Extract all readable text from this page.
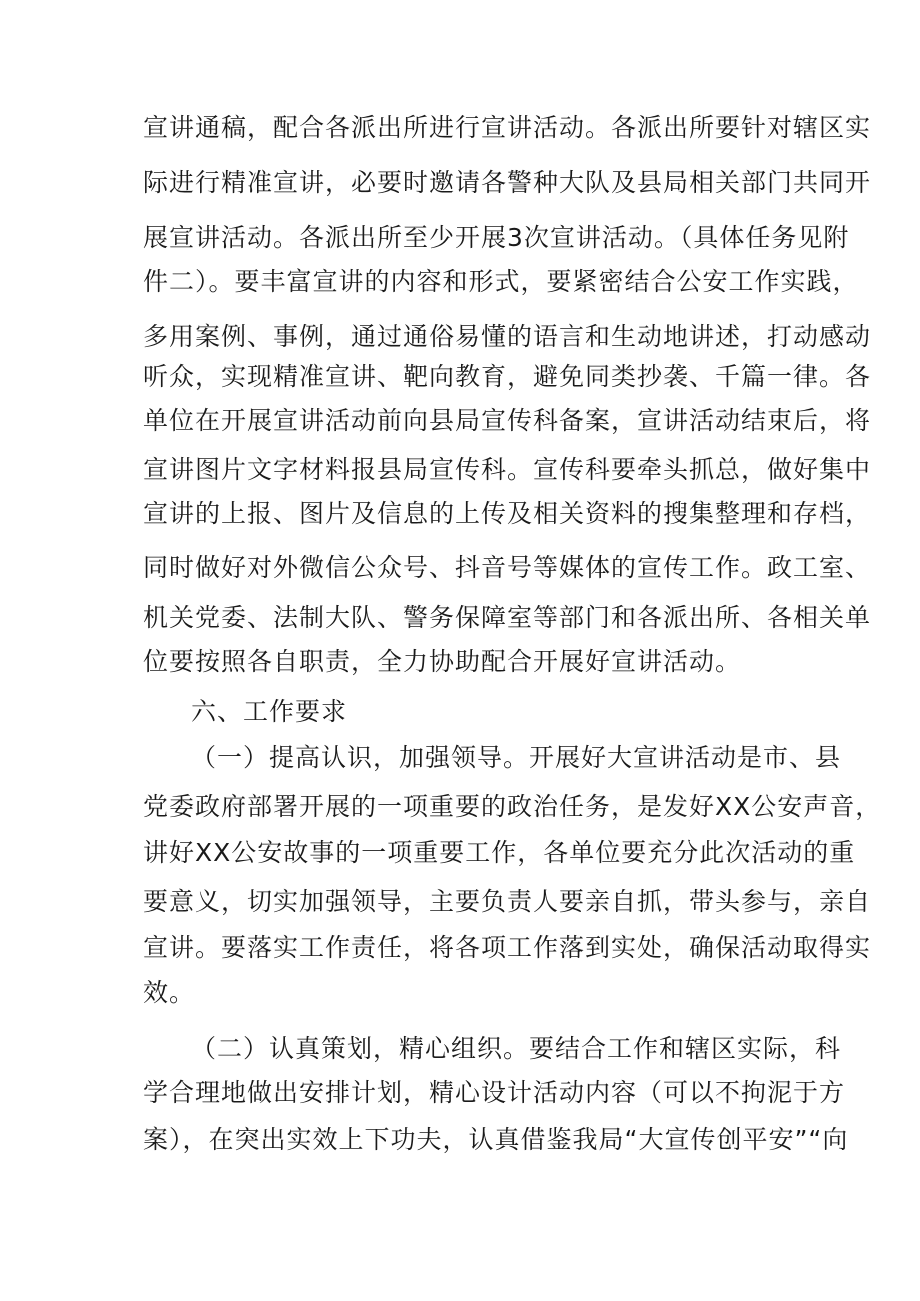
宣讲通稿，配合各派出所进行宣讲活动。各派出所要针对辖区实
际进行精准宣讲，必要时邀请各警种大队及县局相关部门共同开
展宣讲活动。各派出所至少开展3次宣讲活动。（具体任务见附
件二）。要丰富宣讲的内容和形式，要紧密结合公安工作实践，
多用案例、事例，通过通俗易懂的语言和生动地讲述，打动感动
听众，实现精准宣讲、靶向教育，避免同类抄袭、千篇一律。各
单位在开展宣讲活动前向县局宣传科备案，宣讲活动结束后，将
宣讲图片文字材料报县局宣传科。宣传科要牵头抓总，做好集中
宣讲的上报、图片及信息的上传及相关资料的搜集整理和存档，
同时做好对外微信公众号、抖音号等媒体的宣传工作。政工室、
机关党委、法制大队、警务保障室等部门和各派出所、各相关单
位要按照各自职责，全力协助配合开展好宣讲活动。
六、工作要求
（一）提高认识，加强领导。开展好大宣讲活动是市、县
党委政府部署开展的一项重要的政治任务，是发好XX公安声音，
讲好XX公安故事的一项重要工作，各单位要充分此次活动的重
要意义，切实加强领导，主要负责人要亲自抓，带头参与，亲自
宣讲。要落实工作责任，将各项工作落到实处，确保活动取得实
效。
（二）认真策划，精心组织。要结合工作和辖区实际，科
学合理地做出安排计划，精心设计活动内容（可以不拘泥于方
案），在突出实效上下功夫，认真借鉴我局“大宣传创平安”“向
